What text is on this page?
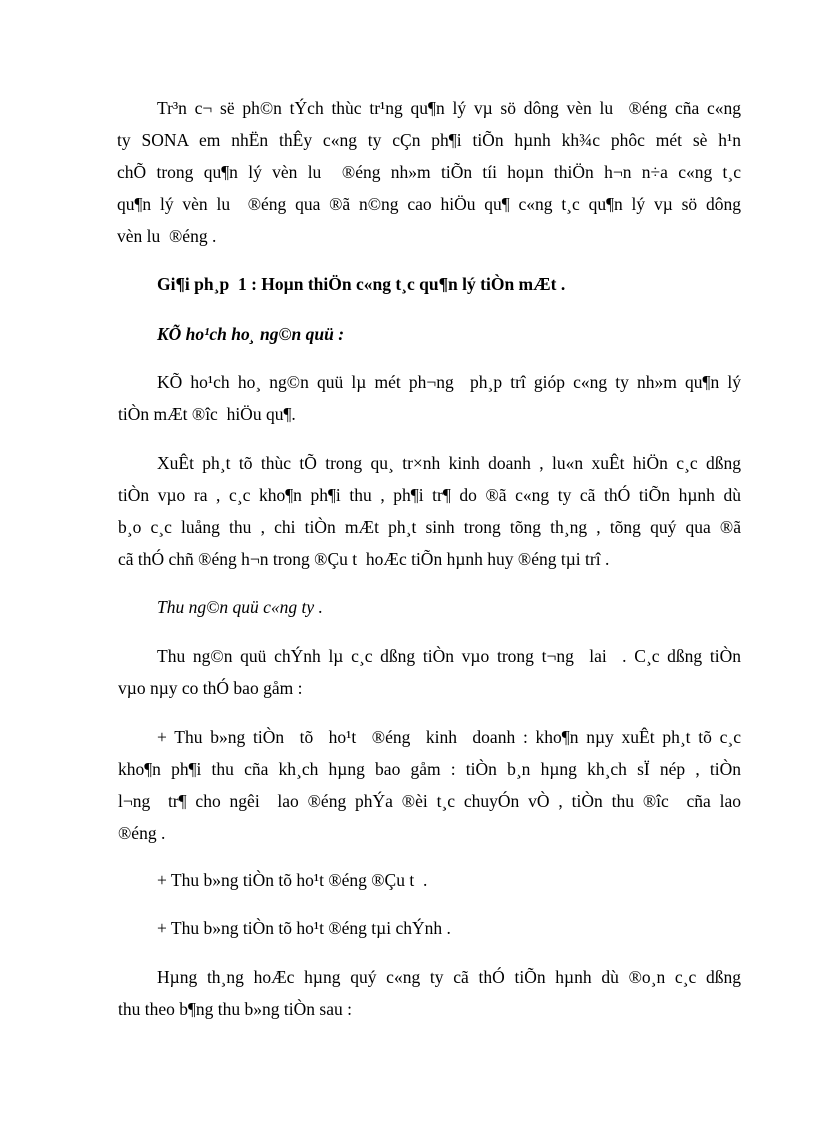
Tr³n c¬ së ph©n tÝch thùc tr¹ng qu¶n lý vµ sö dông vèn lu  ®éng cña c«ng
ty SONA em nhËn thÊy c«ng ty cÇn ph¶i tiÕn hµnh kh¾c phôc mét sè h¹n
chÕ trong qu¶n lý vèn lu  ®éng nh»m tiÕn tíi hoµn thiÖn h¬n n÷a c«ng t¸c
qu¶n lý vèn lu  ®éng qua ®ã n©ng cao hiÖu qu¶ c«ng t¸c qu¶n lý vµ sö dông
vèn lu  ®éng .
Gi¶i ph¸p  1 : Hoµn thiÖn c«ng t¸c qu¶n lý tiÒn mÆt .
KÕ ho¹ch ho¸ ng©n quü :
KÕ ho¹ch ho¸ ng©n quü lµ mét ph¬ng  ph¸p trî gióp c«ng ty nh»m qu¶n lý
tiÒn mÆt ®îc  hiÖu qu¶.
XuÊt ph¸t tõ thùc tÕ trong qu¸ tr×nh kinh doanh , lu«n xuÊt hiÖn c¸c dßng
tiÒn vµo ra , c¸c kho¶n ph¶i thu , ph¶i tr¶ do ®ã c«ng ty cã thÓ tiÕn hµnh dù
b¸o c¸c luång thu , chi tiÒn mÆt ph¸t sinh trong tõng th¸ng , tõng quý qua ®ã
cã thÓ chñ ®éng h¬n trong ®Çu t  hoÆc tiÕn hµnh huy ®éng tµi trî .
Thu ng©n quü c«ng ty .
Thu ng©n quü chÝnh lµ c¸c dßng tiÒn vµo trong t¬ng  lai  . C¸c dßng tiÒn
vµo nµy co thÓ bao gåm :
+ Thu b»ng tiÒn  tõ  ho¹t  ®éng  kinh  doanh : kho¶n nµy xuÊt ph¸t tõ c¸c
kho¶n ph¶i thu cña kh¸ch hµng bao gåm : tiÒn b¸n hµng kh¸ch sÏ nép , tiÒn
l¬ng  tr¶ cho ngêi  lao ®éng phÝa ®èi t¸c chuyÓn vÒ , tiÒn thu ®îc  cña lao
®éng .
+ Thu b»ng tiÒn tõ ho¹t ®éng ®Çu t  .
+ Thu b»ng tiÒn tõ ho¹t ®éng tµi chÝnh .
Hµng th¸ng hoÆc hµng quý c«ng ty cã thÓ tiÕn hµnh dù ®o¸n c¸c dßng
thu theo b¶ng thu b»ng tiÒn sau :
